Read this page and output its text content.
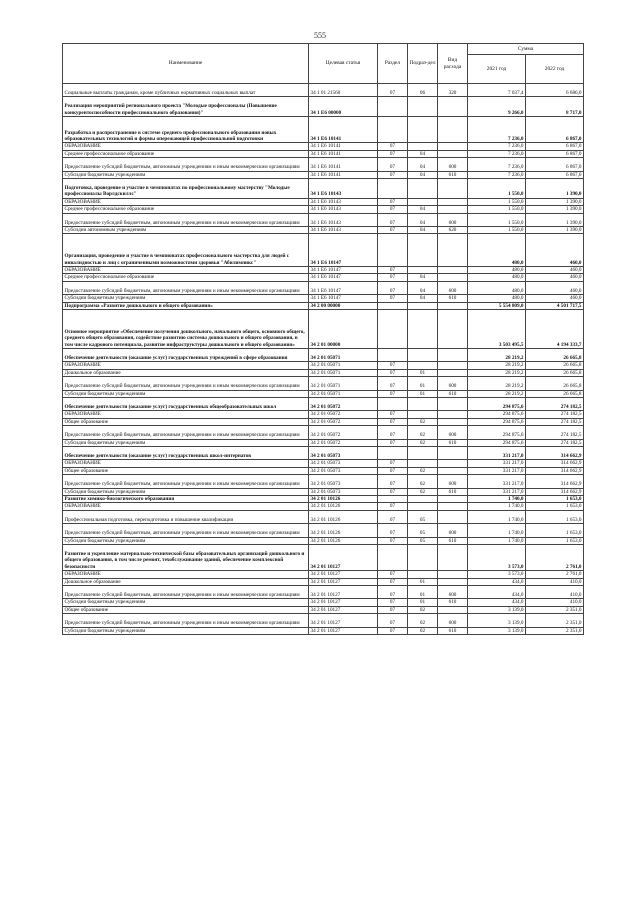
555
Наименование	Целевая статья	Раздел	Подраз-дел	Вид расхода	Сумма	
					2021 год	2022 год
Социальные выплаты гражданам, кроме публичных нормативных социальных выплат	34 1 01 21560	07	06	320	7 037,4	6 686,0
Реализация мероприятий регионального проекта "Молодые профессионалы (Повышение конкурентоспособности профессионального образования)"	34 1 E6 00000				9 266,0	8 717,0
Разработка и распространение в системе среднего профессионального образования новых образовательных технологий и формы опережающей профессиональной подготовки	34 1 E6 10141				7 236,0	6 867,0
ОБРАЗОВАНИЕ	34 1 E6 10141	07			7 236,0	6 867,0
Среднее профессиональное образование	34 1 E6 10141	07	04		7 236,0	6 867,0
Предоставление субсидий бюджетным, автономным учреждениям и иным некоммерческим организациям	34 1 E6 10141	07	04	600	7 236,0	6 867,0
Субсидии бюджетным учреждениям	34 1 E6 10141	07	04	610	7 236,0	6 867,0
Подготовка, проведение и участие в чемпионатах по профессиональному мастерству "Молодые профессионалы Ворлдскиллс"	34 1 E6 10143				1 550,0	1 390,0
ОБРАЗОВАНИЕ	34 1 E6 10143	07			1 550,0	1 390,0
Среднее профессиональное образование	34 1 E6 10143	07	04		1 550,0	1 390,0
Предоставление субсидий бюджетным, автономным учреждениям и иным некоммерческим организациям	34 1 E6 10143	07	04	600	1 550,0	1 390,0
Субсидии автономным учреждениям	34 1 E6 10143	07	04	620	1 550,0	1 390,0
Организация, проведение и участие в чемпионатах профессионального мастерства для людей с инвалидностью и лиц с ограниченными возможностями здоровья "Абилимпикс"	34 1 E6 10147				480,0	460,0
ОБРАЗОВАНИЕ	34 1 E6 10147	07			480,0	460,0
Среднее профессиональное образование	34 1 E6 10147	07	04		480,0	460,0
Предоставление субсидий бюджетным, автономным учреждениям и иным некоммерческим организациям	34 1 E6 10147	07	04	600	480,0	460,0
Субсидии бюджетным учреждениям	34 1 E6 10147	07	04	610	480,0	460,0
Подпрограмма «Развитие дошкольного и общего образования»	34 2 00 00000				5 554 809,0	4 501 717,5
Основное мероприятие «Обеспечение получения дошкольного, начального общего, основного общего, среднего общего образования, содействие развитию системы дошкольного и общего образования, в том числе кадрового потенциала, развитие инфраструктуры дошкольного и общего образования»	34 2 01 00000				3 503 495,5	4 194 333,7
Обеспечение деятельности (оказание услуг) государственных учреждений в сфере образования	34 2 01 05071				28 219,2	26 665,8
ОБРАЗОВАНИЕ	34 2 01 05071	07			28 219,2	26 665,8
Дошкольное образование	34 2 01 05071	07	01		28 219,2	26 665,8
Предоставление субсидий бюджетным, автономным учреждениям и иным некоммерческим организациям	34 2 01 05071	07	01	600	28 219,2	26 665,8
Субсидии бюджетным учреждениям	34 2 01 05071	07	01	610	28 219,2	26 665,8
Обеспечение деятельности (оказание услуг) государственных общеобразовательных школ	34 2 01 05072				294 875,6	274 182,5
ОБРАЗОВАНИЕ	34 2 01 05072	07			294 875,6	274 182,5
Общее образование	34 2 01 05072	07	02		294 875,6	274 182,5
Предоставление субсидий бюджетным, автономным учреждениям и иным некоммерческим организациям	34 2 01 05072	07	02	600	294 875,6	274 182,5
Субсидии бюджетным учреждениям	34 2 01 05072	07	02	610	294 875,6	274 182,5
Обеспечение деятельности (оказание услуг) государственных школ-интернатов	34 2 01 05073				331 217,0	314 662,9
ОБРАЗОВАНИЕ	34 2 01 05073	07			331 217,0	314 662,9
Общее образование	34 2 01 05073	07	02		331 217,0	314 662,9
Предоставление субсидий бюджетным, автономным учреждениям и иным некоммерческим организациям	34 2 01 05073	07	02	600	331 217,0	314 662,9
Субсидии бюджетным учреждениям	34 2 01 05073	07	02	610	331 217,0	314 662,9
Развитие химико-биологического образования	34 2 01 10126				1 740,0	1 653,0
ОБРАЗОВАНИЕ	34 2 01 10126	07			1 740,0	1 653,0
Профессиональная подготовка, переподготовка и повышение квалификации	34 2 01 10126	07	05		1 740,0	1 653,0
Предоставление субсидий бюджетным, автономным учреждениям и иным некоммерческим организациям	34 2 01 10126	07	05	600	1 740,0	1 653,0
Субсидии бюджетным учреждениям	34 2 01 10126	07	05	610	1 740,0	1 653,0
Развитие и укрепление материально-технической базы образовательных организаций дошкольного и общего образования, в том числе ремонт, техобслуживание зданий, обеспечение комплексной безопасности	34 2 01 10127				3 573,0	2 761,0
ОБРАЗОВАНИЕ	34 2 01 10127	07			3 573,0	2 761,0
Дошкольное образование	34 2 01 10127	07	01		434,0	410,0
Предоставление субсидий бюджетным, автономным учреждениям и иным некоммерческим организациям	34 2 01 10127	07	01	600	434,0	410,0
Субсидии бюджетным учреждениям	34 2 01 10127	07	01	610	434,0	410,0
Общее образование	34 2 01 10127	07	02		3 139,0	2 351,0
Предоставление субсидий бюджетным, автономным учреждениям и иным некоммерческим организациям	34 2 01 10127	07	02	600	3 139,0	2 351,0
Субсидии бюджетным учреждениям	34 2 01 10127	07	02	610	3 139,0	2 351,0
